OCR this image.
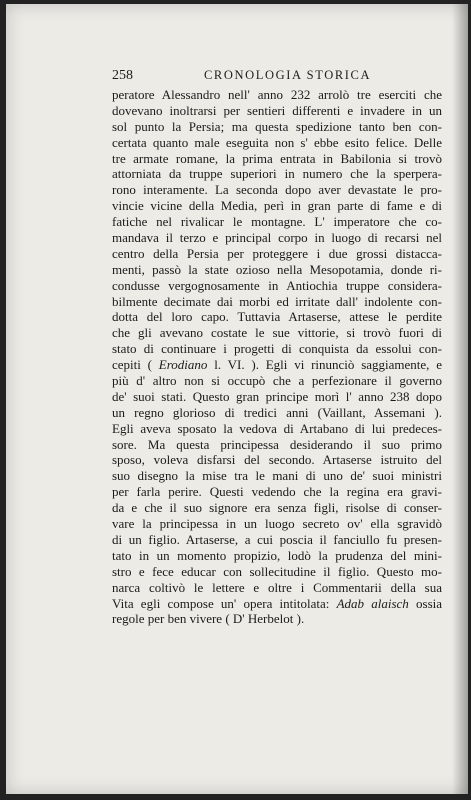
258	CRONOLOGIA STORICA
peratore Alessandro nell' anno 232 arrolò tre eserciti che
dovevano inoltrarsi per sentieri differenti e invadere in un
sol punto la Persia; ma questa spedizione tanto ben con-
certata quanto male eseguita non s' ebbe esito felice. Delle
tre armate romane, la prima entrata in Babilonia si trovò
attorniata da truppe superiori in numero che la sperpera-
rono interamente. La seconda dopo aver devastate le pro-
vincie vicine della Media, perì in gran parte di fame e di
fatiche nel rivalicar le montagne. L' imperatore che co-
mandava il terzo e principal corpo in luogo di recarsi nel
centro della Persia per proteggere i due grossi distacca-
menti, passò la state ozioso nella Mesopotamia, donde ri-
condusse vergognosamente in Antiochia truppe considera-
bilmente decimate dai morbi ed irritate dall' indolente con-
dotta del loro capo. Tuttavia Artaserse, attese le perdite
che gli avevano costate le sue vittorie, si trovò fuori di
stato di continuare i progetti di conquista da essolui con-
cepiti ( Erodiano l. VI. ). Egli vi rinunciò saggiamente, e
più d' altro non si occupò che a perfezionare il governo
de' suoi stati. Questo gran principe morì l' anno 238 dopo
un regno glorioso di tredici anni (Vaillant, Assemani ).
Egli aveva sposato la vedova di Artabano di lui predeces-
sore. Ma questa principessa desiderando il suo primo
sposo, voleva disfarsi del secondo. Artaserse istruito del
suo disegno la mise tra le mani di uno de' suoi ministri
per farla perire. Questi vedendo che la regina era gravi-
da e che il suo signore era senza figli, risolse di conser-
vare la principessa in un luogo secreto ov' ella sgravidò
di un figlio. Artaserse, a cui poscia il fanciullo fu presen-
tato in un momento propizio, lodò la prudenza del mini-
stro e fece educar con sollecitudine il figlio. Questo mo-
narca coltivò le lettere e oltre i Commentarii della sua
Vita egli compose un' opera intitolata: Adab alaisch ossia
regole per ben vivere ( D' Herbelot ).
